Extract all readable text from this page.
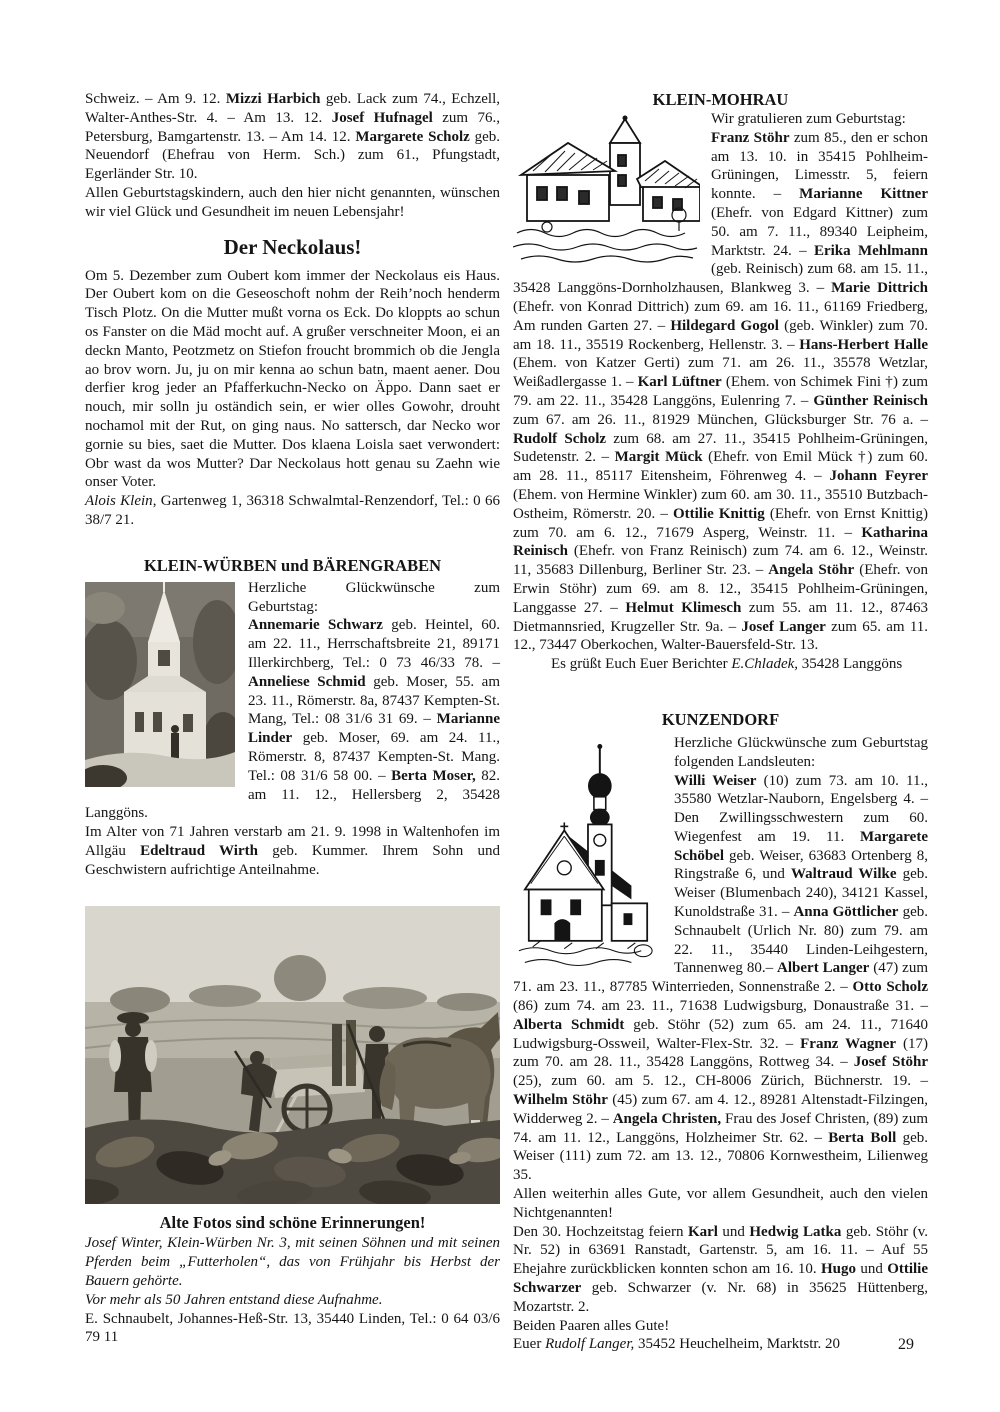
Schweiz. – Am 9. 12. Mizzi Harbich geb. Lack zum 74., Echzell, Walter-Anthes-Str. 4. – Am 13. 12. Josef Hufnagel zum 76., Petersburg, Bamgartenstr. 13. – Am 14. 12. Margarete Scholz geb. Neuendorf (Ehefrau von Herm. Sch.) zum 61., Pfungstadt, Egerländer Str. 10.

Allen Geburtstagskindern, auch den hier nicht genannten, wünschen wir viel Glück und Gesundheit im neuen Lebensjahr!

Der Neckolaus!

Om 5. Dezember zum Oubert kom immer der Neckolaus eis Haus. Der Oubert kom on die Geseoschoft nohm der Reih’noch henderm Tisch Plotz. On die Mutter mußt vorna os Eck. Do kloppts ao schun os Fanster on die Mäd mocht auf. A grußer verschneiter Moon, ei an deckn Manto, Peotzmetz on Stiefon froucht brommich ob die Jengla ao brov worn. Ju, ju on mir kenna ao schun batn, maent aener. Dou derfier krog jeder an Pfafferkuchn-Necko on Äppo. Dann saet er nouch, mir solln ju oständich sein, er wier olles Gowohr, drouht nochamol mit der Rut, on ging naus. No sattersch, dar Necko wor gornie su bies, saet die Mutter. Dos klaena Loisla saet verwondert: Obr wast da wos Mutter? Dar Neckolaus hott genau su Zaehn wie onser Voter.

Alois Klein, Gartenweg 1, 36318 Schwalmtal-Renzendorf, Tel.: 0 66 38/7 21.

KLEIN-WÜRBEN und BÄRENGRABEN

Herzliche Glückwünsche zum Geburtstag:

Annemarie Schwarz geb. Heintel, 60. am 22. 11., Herrschaftsbreite 21, 89171 Illerkirchberg, Tel.: 0 73 46/33 78. – Anneliese Schmid geb. Moser, 55. am 23. 11., Römerstr. 8a, 87437 Kempten-St. Mang, Tel.: 08 31/6 31 69. – Marianne Linder geb. Moser, 69. am 24. 11., Römerstr. 8, 87437 Kempten-St. Mang. Tel.: 08 31/6 58 00. – Berta Moser, 82. am 11. 12., Hellersberg 2, 35428 Langgöns.

Im Alter von 71 Jahren verstarb am 21. 9. 1998 in Waltenhofen im Allgäu Edeltraud Wirth geb. Kummer. Ihrem Sohn und Geschwistern aufrichtige Anteilnahme.

Alte Fotos sind schöne Erinnerungen!

Josef Winter, Klein-Würben Nr. 3, mit seinen Söhnen und mit seinen Pferden beim „Futterholen“, das von Frühjahr bis Herbst der Bauern gehörte.

Vor mehr als 50 Jahren entstand diese Aufnahme.

E. Schnaubelt, Johannes-Heß-Str. 13, 35440 Linden, Tel.: 0 64 03/6 79 11

KLEIN-MOHRAU

Wir gratulieren zum Geburtstag:

Franz Stöhr zum 85., den er schon am 13. 10. in 35415 Pohlheim-Grüningen, Limesstr. 5, feiern konnte. – Marianne Kittner (Ehefr. von Edgard Kittner) zum 50. am 7. 11., 89340 Leipheim, Marktstr. 24. – Erika Mehlmann (geb. Reinisch) zum 68. am 15. 11., 35428 Langgöns-Dornholzhausen, Blankweg 3. – Marie Dittrich (Ehefr. von Konrad Dittrich) zum 69. am 16. 11., 61169 Friedberg, Am runden Garten 27. – Hildegard Gogol (geb. Winkler) zum 70. am 18. 11., 35519 Rockenberg, Hellenstr. 3. – Hans-Herbert Halle (Ehem. von Katzer Gerti) zum 71. am 26. 11., 35578 Wetzlar, Weißadlergasse 1. – Karl Lüftner (Ehem. von Schimek Fini †) zum 79. am 22. 11., 35428 Langgöns, Eulenring 7. – Günther Reinisch zum 67. am 26. 11., 81929 München, Glücksburger Str. 76 a. – Rudolf Scholz zum 68. am 27. 11., 35415 Pohlheim-Grüningen, Sudetenstr. 2. – Margit Mück (Ehefr. von Emil Mück †) zum 60. am 28. 11., 85117 Eitensheim, Föhrenweg 4. – Johann Feyrer (Ehem. von Hermine Winkler) zum 60. am 30. 11., 35510 Butzbach-Ostheim, Römerstr. 20. – Ottilie Knittig (Ehefr. von Ernst Knittig) zum 70. am 6. 12., 71679 Asperg, Weinstr. 11. – Katharina Reinisch (Ehefr. von Franz Reinisch) zum 74. am 6. 12., Weinstr. 11, 35683 Dillenburg, Berliner Str. 23. – Angela Stöhr (Ehefr. von Erwin Stöhr) zum 69. am 8. 12., 35415 Pohlheim-Grüningen, Langgasse 27. – Helmut Klimesch zum 55. am 11. 12., 87463 Dietmannsried, Krugzeller Str. 9a. – Josef Langer zum 65. am 11. 12., 73447 Oberkochen, Walter-Bauersfeld-Str. 13.

Es grüßt Euch Euer Berichter E.Chladek, 35428 Langgöns

KUNZENDORF

Herzliche Glückwünsche zum Geburtstag folgenden Landsleuten:

Willi Weiser (10) zum 73. am 10. 11., 35580 Wetzlar-Nauborn, Engelsberg 4. – Den Zwillingsschwestern zum 60. Wiegenfest am 19. 11. Margarete Schöbel geb. Weiser, 63683 Ortenberg 8, Ringstraße 6, und Waltraud Wilke geb. Weiser (Blumenbach 240), 34121 Kassel, Kunoldstraße 31. – Anna Göttlicher geb. Schnaubelt (Urlich Nr. 80) zum 79. am 22. 11., 35440 Linden-Leihgestern, Tannenweg 80.– Albert Langer (47) zum 71. am 23. 11., 87785 Winterrieden, Sonnenstraße 2. – Otto Scholz (86) zum 74. am 23. 11., 71638 Ludwigsburg, Donaustraße 31. – Alberta Schmidt geb. Stöhr (52) zum 65. am 24. 11., 71640 Ludwigsburg-Ossweil, Walter-Flex-Str. 32. – Franz Wagner (17) zum 70. am 28. 11., 35428 Langgöns, Rottweg 34. – Josef Stöhr (25), zum 60. am 5. 12., CH-8006 Zürich, Büchnerstr. 19. – Wilhelm Stöhr (45) zum 67. am 4. 12., 89281 Altenstadt-Filzingen, Widderweg 2. – Angela Christen, Frau des Josef Christen, (89) zum 74. am 11. 12., Langgöns, Holzheimer Str. 62. – Berta Boll geb. Weiser (111) zum 72. am 13. 12., 70806 Kornwestheim, Lilienweg 35.

Allen weiterhin alles Gute, vor allem Gesundheit, auch den vielen Nichtgenannten!

Den 30. Hochzeitstag feiern Karl und Hedwig Latka geb. Stöhr (v. Nr. 52) in 63691 Ranstadt, Gartenstr. 5, am 16. 11. – Auf 55 Ehejahre zurückblicken konnten schon am 16. 10. Hugo und Ottilie Schwarzer geb. Schwarzer (v. Nr. 68) in 35625 Hüttenberg, Mozartstr. 2.

Beiden Paaren alles Gute!

Euer Rudolf Langer, 35452 Heuchelheim, Marktstr. 20	29
